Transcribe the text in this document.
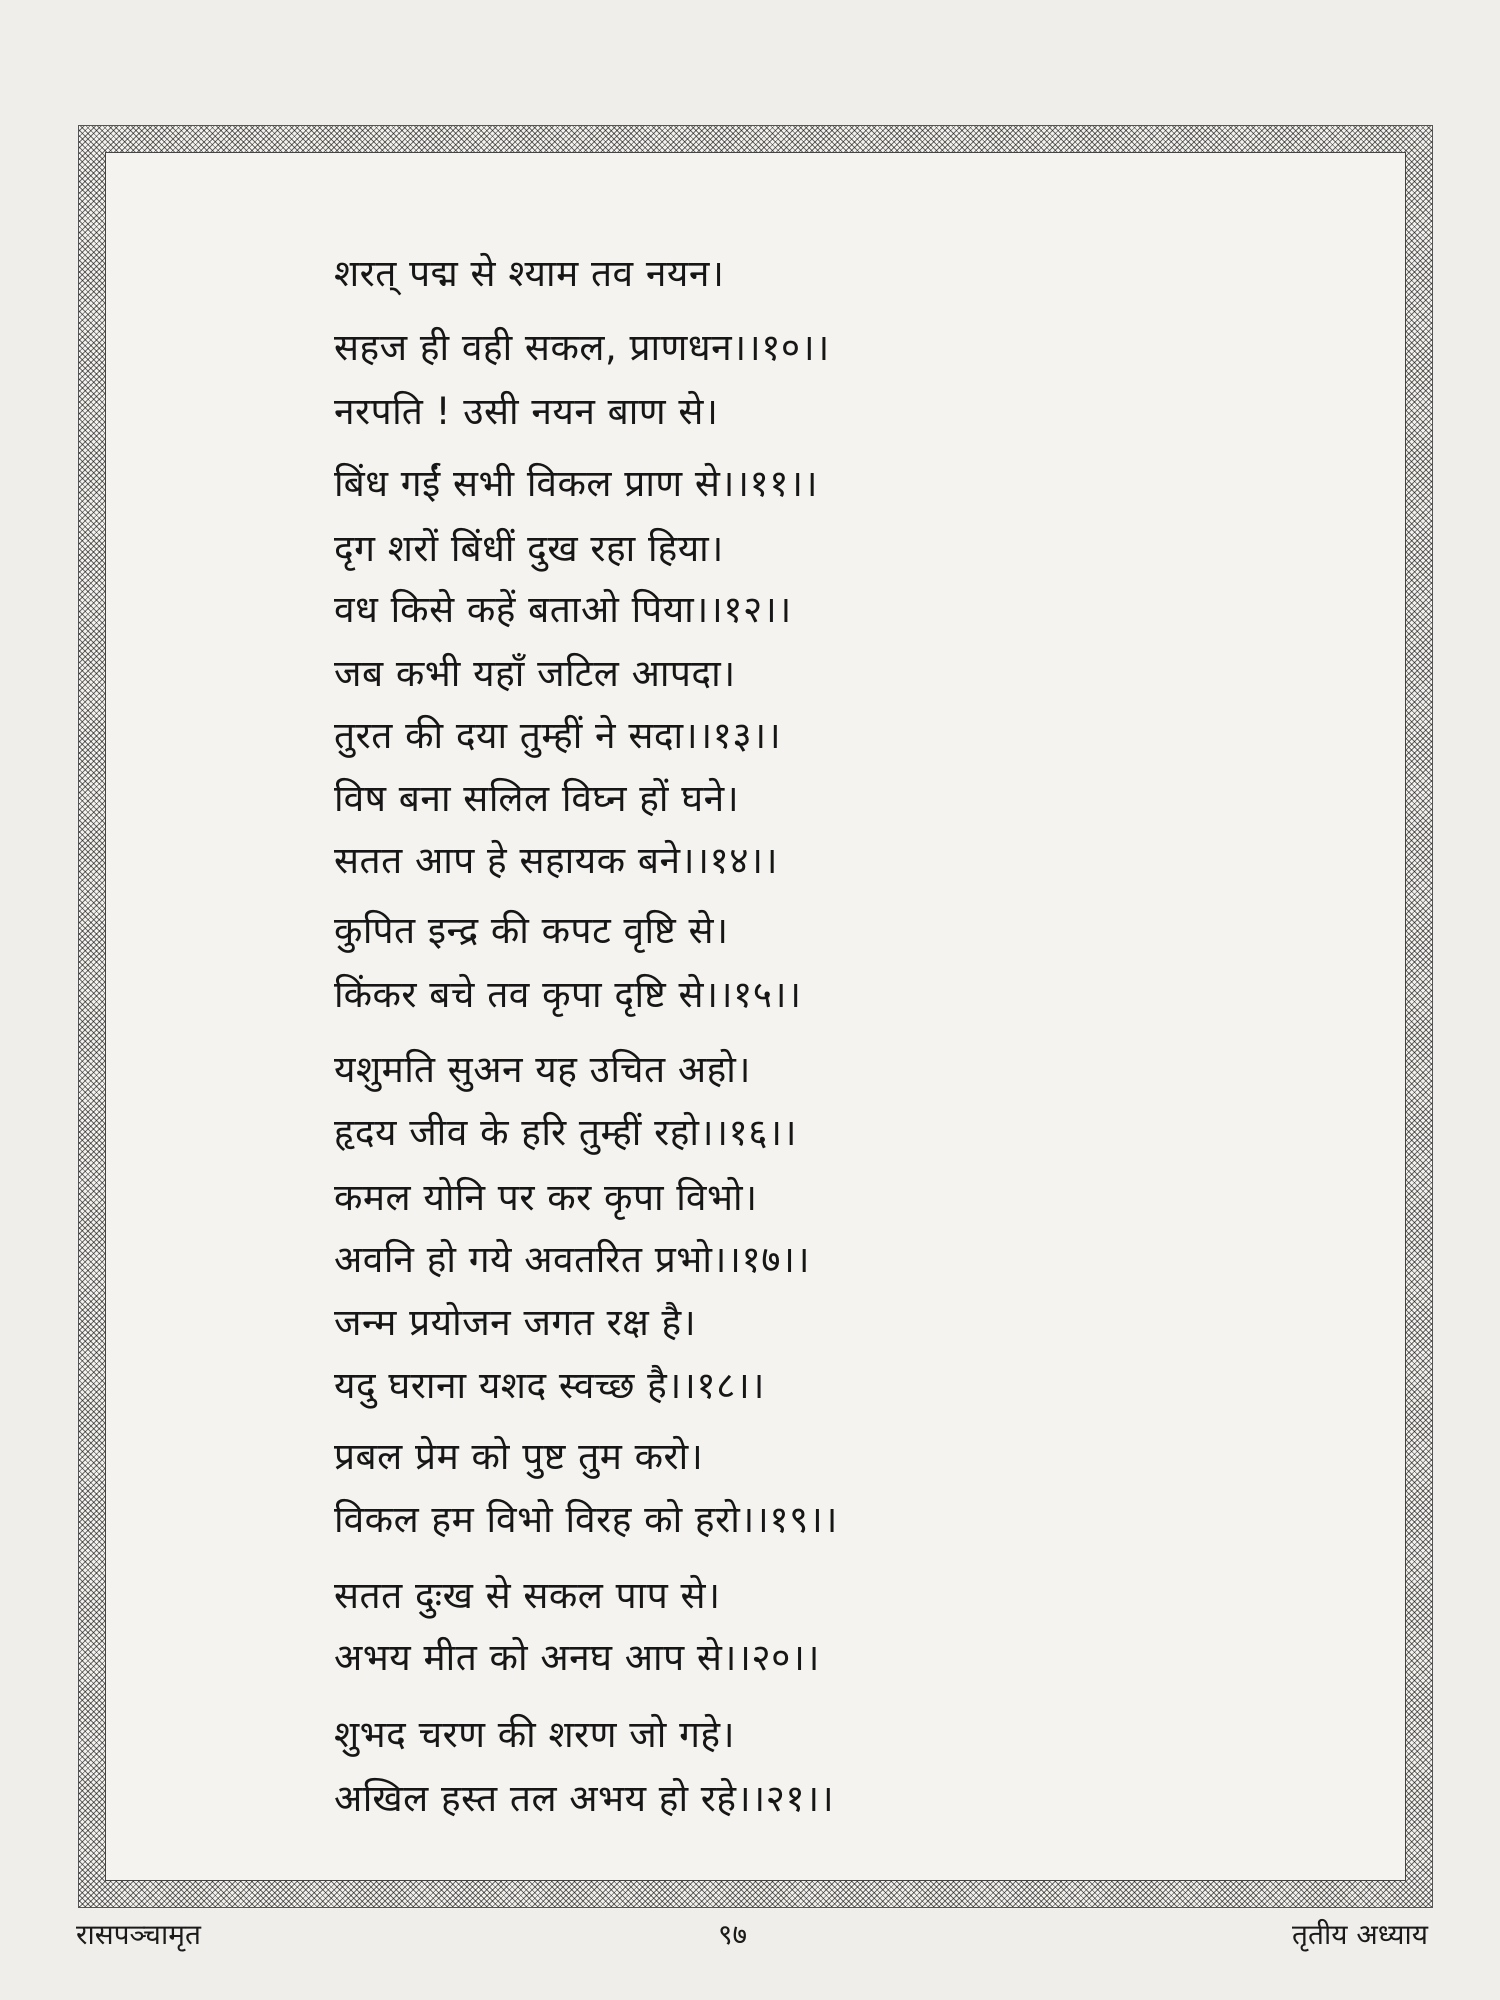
शरत् पद्म से श्याम तव नयन।

सहज ही वही सकल, प्राणधन।।१०।।

नरपति ! उसी नयन बाण से।

बिंध गईं सभी विकल प्राण से।।११।।

दृग शरों बिंधीं दुख रहा हिया।

वध किसे कहें बताओ पिया।।१२।।

जब कभी यहाँ जटिल आपदा।

तुरत की दया तुम्हीं ने सदा।।१३।।

विष बना सलिल विघ्न हों घने।

सतत आप हे सहायक बने।।१४।।

कुपित इन्द्र की कपट वृष्टि से।

किंकर बचे तव कृपा दृष्टि से।।१५।।

यशुमति सुअन यह उचित अहो।

हृदय जीव के हरि तुम्हीं रहो।।१६।।

कमल योनि पर कर कृपा विभो।

अवनि हो गये अवतरित प्रभो।।१७।।

जन्म प्रयोजन जगत रक्ष है।

यदु घराना यशद स्वच्छ है।।१८।।

प्रबल प्रेम को पुष्ट तुम करो।

विकल हम विभो विरह को हरो।।१९।।

सतत दुःख से सकल पाप से।

अभय मीत को अनघ आप से।।२०।।

शुभद चरण की शरण जो गहे।

अखिल हस्त तल अभय हो रहे।।२१।।

रासपञ्चामृत	९७	तृतीय अध्याय
